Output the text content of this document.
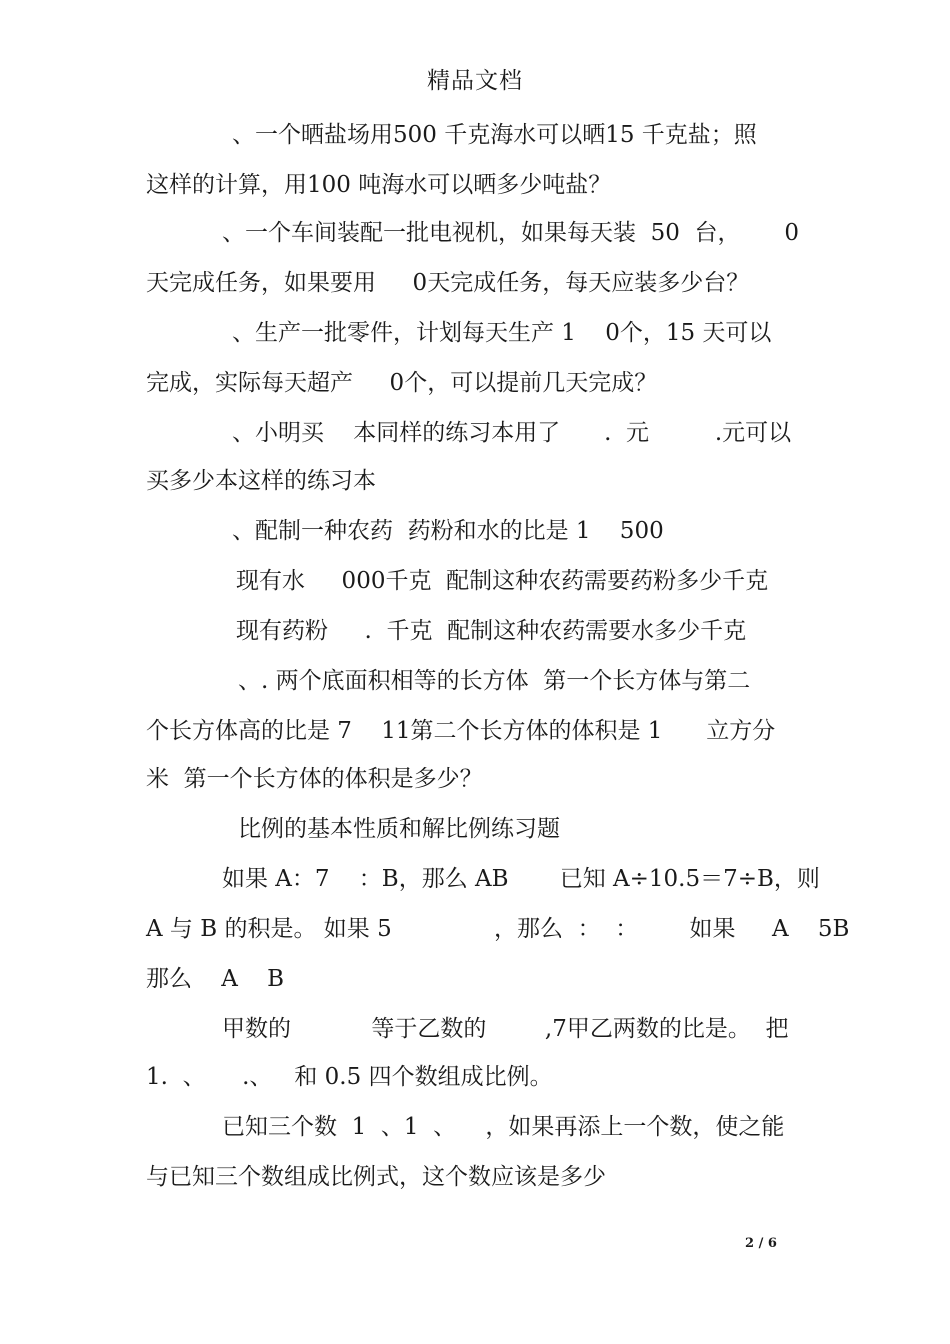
精品文档
、一个晒盐场用500 千克海水可以晒15 千克盐；照
这样的计算，用100 吨海水可以晒多少吨盐？
、一个车间装配一批电视机，如果每天装  50  台，      0
天完成任务，如果要用     0天完成任务，每天应装多少台？
、生产一批零件，计划每天生产 1    0个，15 天可以
完成，实际每天超产     0个，可以提前几天完成？
、小明买    本同样的练习本用了      .  元         .元可以
买多少本这样的练习本
、配制一种农药  药粉和水的比是 1    500
现有水     000千克  配制这种农药需要药粉多少千克
现有药粉     .  千克  配制这种农药需要水多少千克
、. 两个底面积相等的长方体  第一个长方体与第二
个长方体高的比是 7    11第二个长方体的体积是 1      立方分
米  第一个长方体的体积是多少？
比例的基本性质和解比例练习题
如果 A：7    ：B，那么 AB       已知 A÷10.5＝7÷B，则
A 与 B 的积是。 如果 5              ，那么  ：  ：       如果     A    5B
那么    A    B
甲数的           等于乙数的        ,7甲乙两数的比是。  把
1.  、     .、   和 0.5 四个数组成比例。
已知三个数  1  、1  、    ，如果再添上一个数，使之能
与已知三个数组成比例式，这个数应该是多少
2 / 6
